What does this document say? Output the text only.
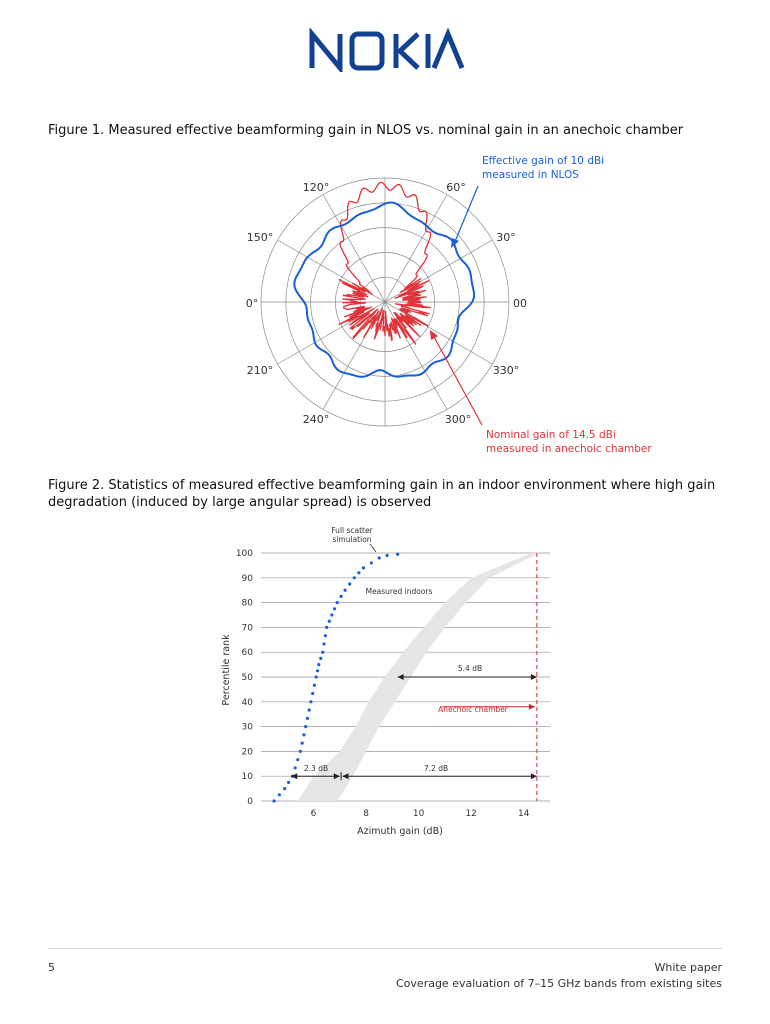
Figure 1. Measured effective beamforming gain in NLOS vs. nominal gain in an anechoic chamber
120°	60°
150°	30°
0°	00
210°	330°
240°	300°
Effective gain of 10 dBi
measured in NLOS
Nominal gain of 14.5 dBi
measured in anechoic chamber
Figure 2. Statistics of measured effective beamforming gain in an indoor environment where high gain degradation (induced by large angular spread) is observed
0
10
20
30
40
50
60
70
80
90
100
6	8	10	12	14
Full scatter
simulation
Measured indoors
Anechoic chamber
5.4 dB
2.3 dB	7.2 dB
Percentile rank
Azimuth gain (dB)
5	White paper
Coverage evaluation of 7–15 GHz bands from existing sites
